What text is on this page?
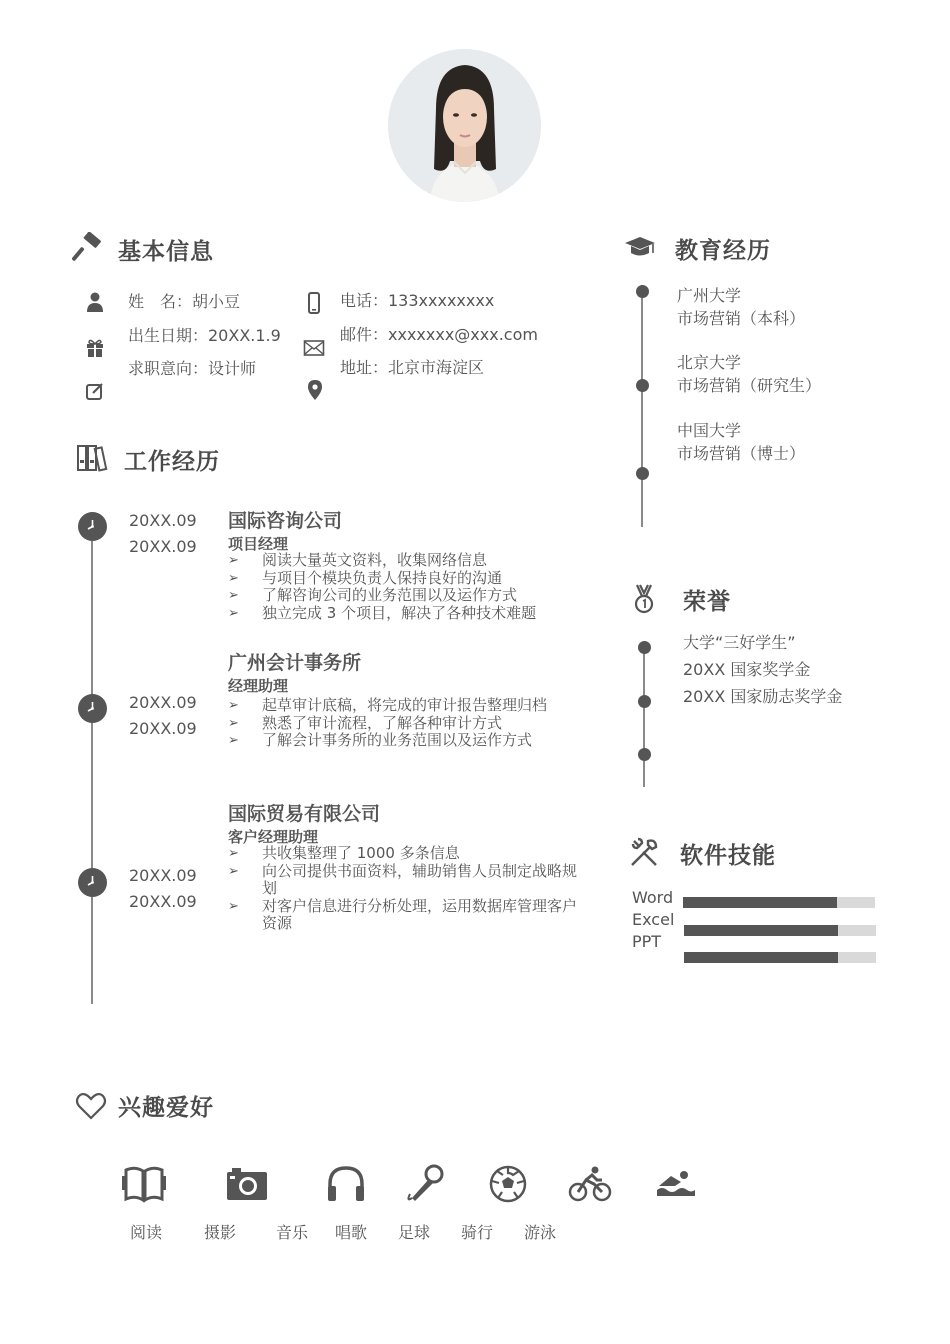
基本信息
姓　名：胡小豆
出生日期：20XX.1.9
求职意向：设计师
电话：133xxxxxxxx
邮件：xxxxxxx@xxx.com
地址：北京市海淀区
工作经历
20XX.09
20XX.09
国际咨询公司
项目经理
➢ 阅读大量英文资料，收集网络信息
➢ 与项目个模块负责人保持良好的沟通
➢ 了解咨询公司的业务范围以及运作方式
➢ 独立完成 3 个项目，解决了各种技术难题
20XX.09
20XX.09
广州会计事务所
经理助理
➢ 起草审计底稿，将完成的审计报告整理归档
➢ 熟悉了审计流程，了解各种审计方式
➢ 了解会计事务所的业务范围以及运作方式
20XX.09
20XX.09
国际贸易有限公司
客户经理助理
➢ 共收集整理了 1000 多条信息
➢ 向公司提供书面资料，辅助销售人员制定战略规划
➢ 对客户信息进行分析处理，运用数据库管理客户资源
教育经历
广州大学
市场营销（本科）
北京大学
市场营销（研究生）
中国大学
市场营销（博士）
荣誉
大学“三好学生”
20XX 国家奖学金
20XX 国家励志奖学金
软件技能
Word
Excel
PPT
兴趣爱好
阅读	摄影 音乐 唱歌 足球 骑行 游泳
